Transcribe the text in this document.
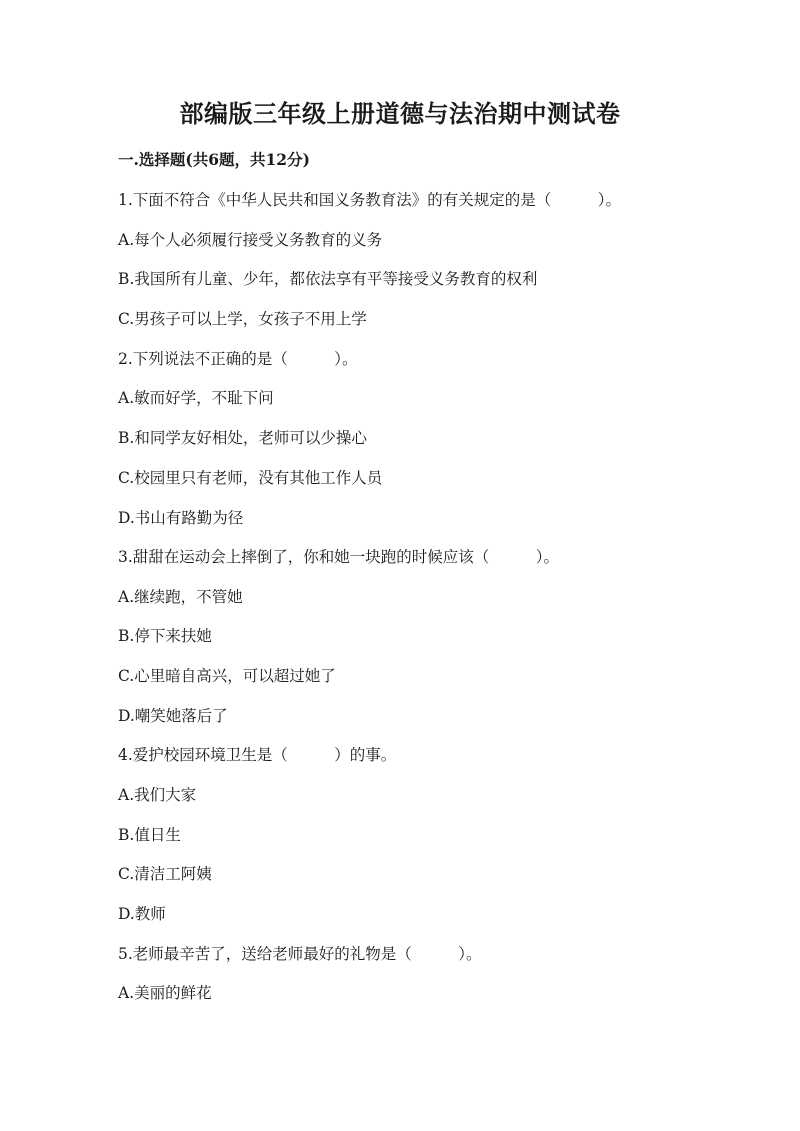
部编版三年级上册道德与法治期中测试卷
一.选择题(共6题，共12分)
1.下面不符合《中华人民共和国义务教育法》的有关规定的是（　　　）。
A.每个人必须履行接受义务教育的义务
B.我国所有儿童、少年，都依法享有平等接受义务教育的权利
C.男孩子可以上学，女孩子不用上学
2.下列说法不正确的是（　　　）。
A.敏而好学，不耻下问
B.和同学友好相处，老师可以少操心
C.校园里只有老师，没有其他工作人员
D.书山有路勤为径
3.甜甜在运动会上摔倒了，你和她一块跑的时候应该（　　　）。
A.继续跑，不管她
B.停下来扶她
C.心里暗自高兴，可以超过她了
D.嘲笑她落后了
4.爱护校园环境卫生是（　　　）的事。
A.我们大家
B.值日生
C.清洁工阿姨
D.教师
5.老师最辛苦了，送给老师最好的礼物是（　　　）。
A.美丽的鲜花
